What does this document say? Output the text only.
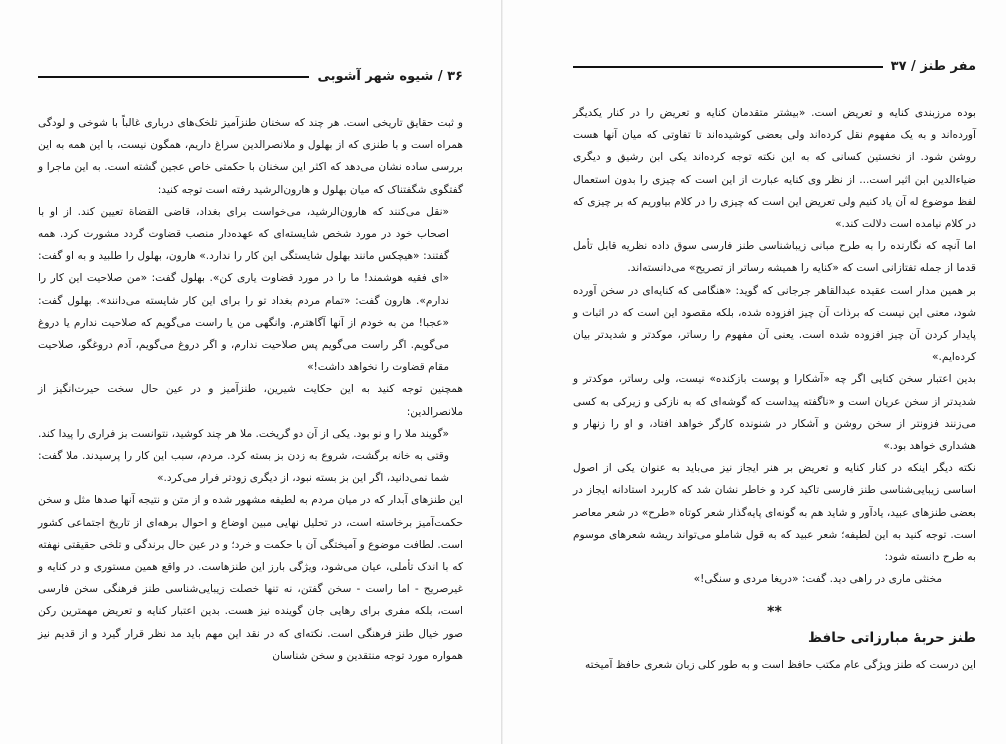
۳۶ / شیوه شهر آشوبی

و ثبت حقایق تاریخی است. هر چند که سخنان طنزآمیز تلخک‌های درباری غالباً با شوخی و لودگی همراه است و با طنزی که از بهلول و ملانصرالدین سراغ داریم، همگون نیست، با این همه به این بررسی ساده نشان می‌دهد که اکثر این سخنان با حکمتی خاص عجین گشته است. به این ماجرا و گفتگوی شگفتناک که میان بهلول و هارون‌الرشید رفته است توجه کنید:

«نقل می‌کنند که هارون‌الرشید، می‌خواست برای بغداد، قاضی القضاة تعیین کند. از او با اصحاب خود در مورد شخص شایسته‌ای که عهده‌دار منصب قضاوت گردد مشورت کرد. همه گفتند: «هیچکس مانند بهلول شایستگی این کار را ندارد.» هارون، بهلول را طلبید و به او گفت: «ای فقیه هوشمند! ما را در مورد قضاوت یاری کن». بهلول گفت: «من صلاحیت این کار را ندارم». هارون گفت: «تمام مردم بغداد تو را برای این کار شایسته می‌دانند». بهلول گفت: «عجبا! من به خودم از آنها آگاهترم. وانگهی من یا راست می‌گویم که صلاحیت ندارم یا دروغ می‌گویم. اگر راست می‌گویم پس صلاحیت ندارم، و اگر دروغ می‌گویم، آدم دروغگو، صلاحیت مقام قضاوت را نخواهد داشت!»

همچنین توجه کنید به این حکایت شیرین، طنزآمیز و در عین حال سخت حیرت‌انگیز از ملانصرالدین:

«گویند ملا را و نو بود. یکی از آن دو گریخت. ملا هر چند کوشید، نتوانست بز فراری را پیدا کند. وقتی به خانه برگشت، شروع به زدن بز بسته کرد. مردم، سبب این کار را پرسیدند. ملا گفت: شما نمی‌دانید، اگر این بز بسته نبود، از دیگری زودتر فرار می‌کرد.»

این طنزهای آبدار که در میان مردم به لطیفه مشهور شده و از متن و نتیجه آنها صدها مثل و سخن حکمت‌آمیز برخاسته است، در تحلیل نهایی مبین اوضاع و احوال برهه‌ای از تاریخ اجتماعی کشور است. لطافت موضوع و آمیختگی آن با حکمت و خرد؛ و در عین حال برندگی و تلخی حقیقتی نهفته که با اندک تأملی، عیان می‌شود، ویژگی بارز این طنزهاست. در واقع همین مستوری و در کنایه و غیرصریح - اما راست - سخن گفتن، نه تنها خصلت زیبایی‌شناسی طنز فرهنگی سخن فارسی است، بلکه مفری برای رهایی جان گوینده نیز هست. بدین اعتبار کنایه و تعریض مهمترین رکن صور خیال طنز فرهنگی است. نکته‌ای که در نقد این مهم باید مد نظر قرار گیرد و از قدیم نیز همواره مورد توجه منتقدین و سخن شناسان

مفر طنز / ۳۷

بوده مرزبندی کنایه و تعریض است. «بیشتر متقدمان کنایه و تعریض را در کنار یکدیگر آورده‌اند و به یک مفهوم نقل کرده‌اند ولی بعضی کوشیده‌اند تا تفاوتی که میان آنها هست روشن شود. از نخستین کسانی که به این نکته توجه کرده‌اند یکی ابن رشیق و دیگری ضیاءالدین ابن اثیر است... از نظر وی کنایه عبارت از این است که چیزی را بدون استعمال لفظ موضوع له آن یاد کنیم ولی تعریض این است که چیزی را در کلام بیاوریم که بر چیزی که در کلام نیامده است دلالت کند.»

اما آنچه که نگارنده را به طرح مبانی زیباشناسی طنز فارسی سوق داده نظریه قابل تأمل قدما از جمله تفتازانی است که «کنایه را همیشه رساتر از تصریح» می‌دانسته‌اند.

بر همین مدار است عقیده عبدالقاهر جرجانی که گوید: «هنگامی که کنایه‌ای در سخن آورده شود، معنی این نیست که برذات آن چیز افزوده شده، بلکه مقصود این است که در اثبات و پایدار کردن آن چیز افزوده شده است. یعنی آن مفهوم را رساتر، موکدتر و شدیدتر بیان کرده‌ایم.»

بدین اعتبار سخن کنایی اگر چه «آشکارا و پوست بازکنده» نیست، ولی رساتر، موکدتر و شدیدتر از سخن عریان است و «ناگفته پیداست که گوشه‌ای که به نازکی و زیرکی به کسی می‌زنند فزونتر از سخن روشن و آشکار در شنونده کارگر خواهد افتاد، و او را زنهار و هشداری خواهد بود.»

نکته دیگر اینکه در کنار کنایه و تعریض بر هنر ایجاز نیز می‌باید به عنوان یکی از اصول اساسی زیبایی‌شناسی طنز فارسی تاکید کرد و خاطر نشان شد که کاربرد استادانه ایجاز در بعضی طنزهای عبید، یادآور و شاید هم به گونه‌ای پایه‌گذار شعر کوتاه «طرح» در شعر معاصر است. توجه کنید به این لطیفه؛ شعر عبید که به قول شاملو می‌تواند ریشه شعرهای موسوم به طرح دانسته شود:

مخنثی ماری در راهی دید. گفت: «دریغا مردی و سنگی!»

**
طنز حربهٔ مبارزاتی حافظ

این درست که طنز ویژگی عام مکتب حافظ است و به طور کلی زبان شعری حافظ آمیخته
